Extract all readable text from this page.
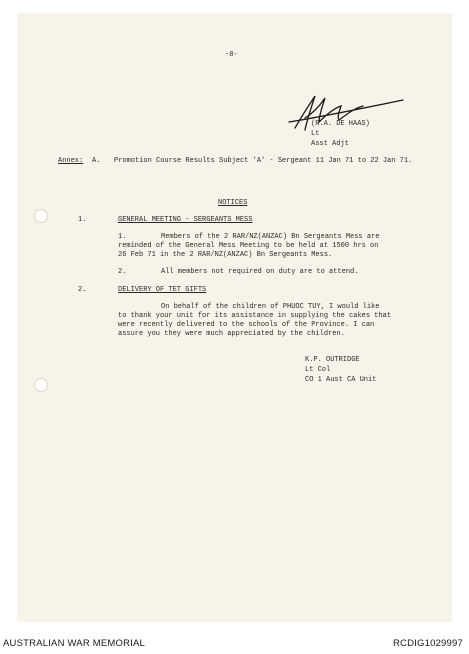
-8-
(R.A. DE HAAS)
Lt
Asst Adjt
Annex: A. Promotion Course Results Subject 'A' - Sergeant 11 Jan 71 to 22 Jan 71.
NOTICES
1.	GENERAL MEETING - SERGEANTS MESS
1.	Members of the 2 RAR/NZ(ANZAC) Bn Sergeants Mess are
reminded of the General Mess Meeting to be held at 1500 hrs on
26 Feb 71 in the 2 RAR/NZ(ANZAC) Bn Sergeants Mess.
2.	All members not required on duty are to attend.
2.	DELIVERY OF TET GIFTS
On behalf of the children of PHUOC TUY, I would like
to thank your unit for its assistance in supplying the cakes that
were recently delivered to the schools of the Province. I can
assure you they were much appreciated by the children.
K.P. OUTRIDGE
Lt Col
CO 1 Aust CA Unit
AUSTRALIAN WAR MEMORIAL	RCDIG1029997
